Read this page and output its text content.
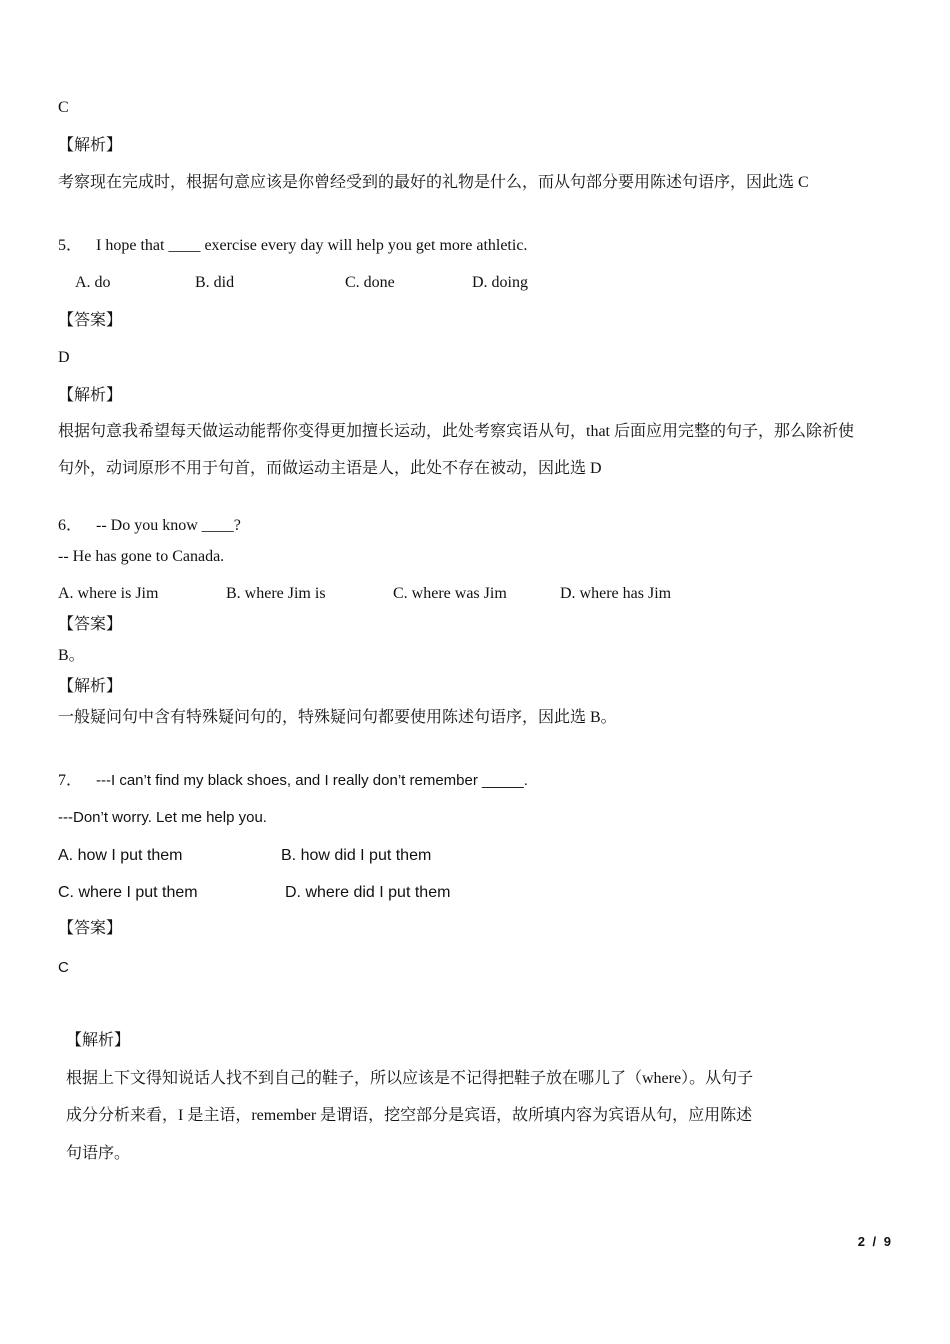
C
【解析】
考察现在完成时，根据句意应该是你曾经受到的最好的礼物是什么，而从句部分要用陈述句语序，因此选 C
5． I hope that ____ exercise every day will help you get more athletic.
A. do	B. did	C. done	D. doing
【答案】
D
【解析】
根据句意我希望每天做运动能帮你变得更加擅长运动，此处考察宾语从句，that 后面应用完整的句子，那么除祈使
句外，动词原形不用于句首，而做运动主语是人，此处不存在被动，因此选 D
6． -- Do you know ____?
-- He has gone to Canada.
A. where is Jim	B. where Jim is	C. where was Jim	D. where has Jim
【答案】
B。
【解析】
一般疑问句中含有特殊疑问句的，特殊疑问句都要使用陈述句语序，因此选 B。
7． ---I can’t find my black shoes, and I really don’t remember _____.
---Don’t worry. Let me help you.
A. how I put them	B. how did I put them
C. where I put them	D. where did I put them
【答案】
C
【解析】
根据上下文得知说话人找不到自己的鞋子，所以应该是不记得把鞋子放在哪儿了（where）。从句子
成分分析来看，I 是主语，remember 是谓语，挖空部分是宾语，故所填内容为宾语从句，应用陈述
句语序。
2 / 9
